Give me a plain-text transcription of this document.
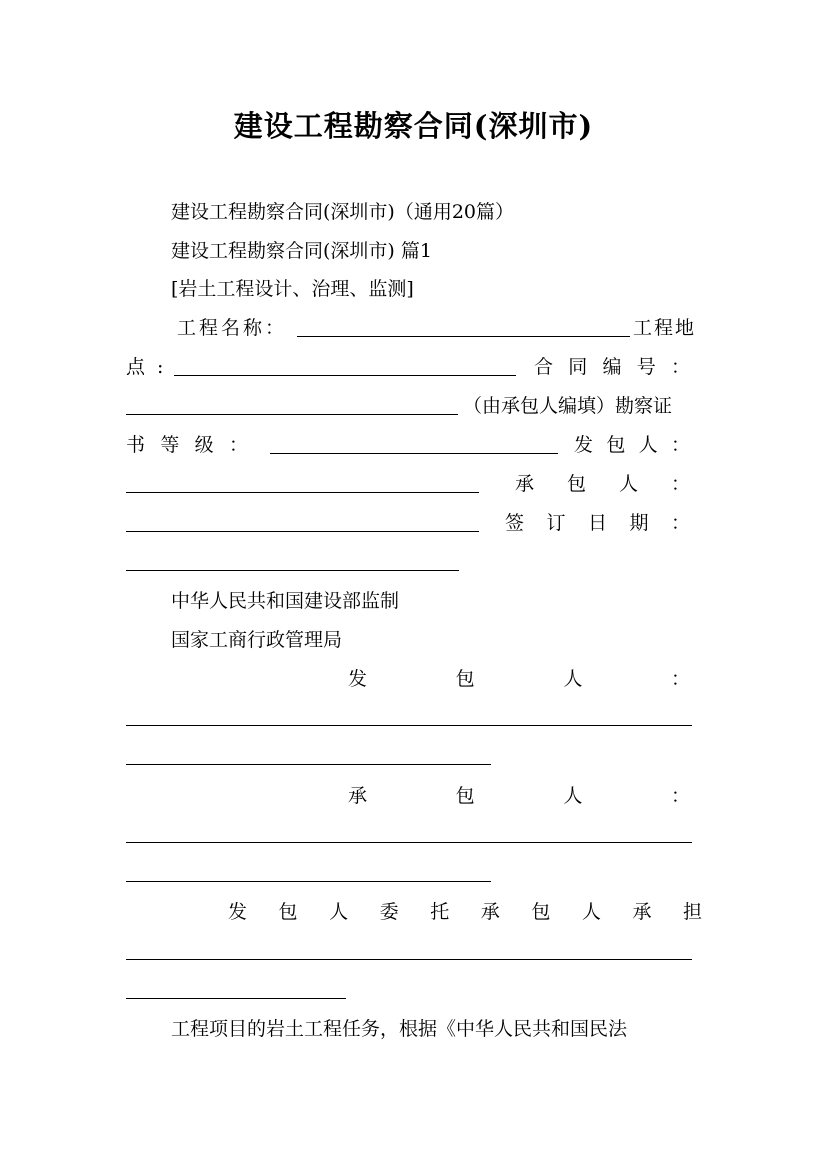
建设工程勘察合同(深圳市)
建设工程勘察合同(深圳市)（通用20篇）
建设工程勘察合同(深圳市) 篇1
[岩土工程设计、治理、监测]
工程名称：	工程地
点 :	合 同 编 号 ：
（由承包人编填）勘察证
书 等 级 ：	发 包 人 ：
承 包 人 ：
签 订 日 期 ：
中华人民共和国建设部监制
国家工商行政管理局
发 包 人 ：
承 包 人 ：
发 包 人 委 托 承 包 人 承 担
工程项目的岩土工程任务，根据《中华人民共和国民法
